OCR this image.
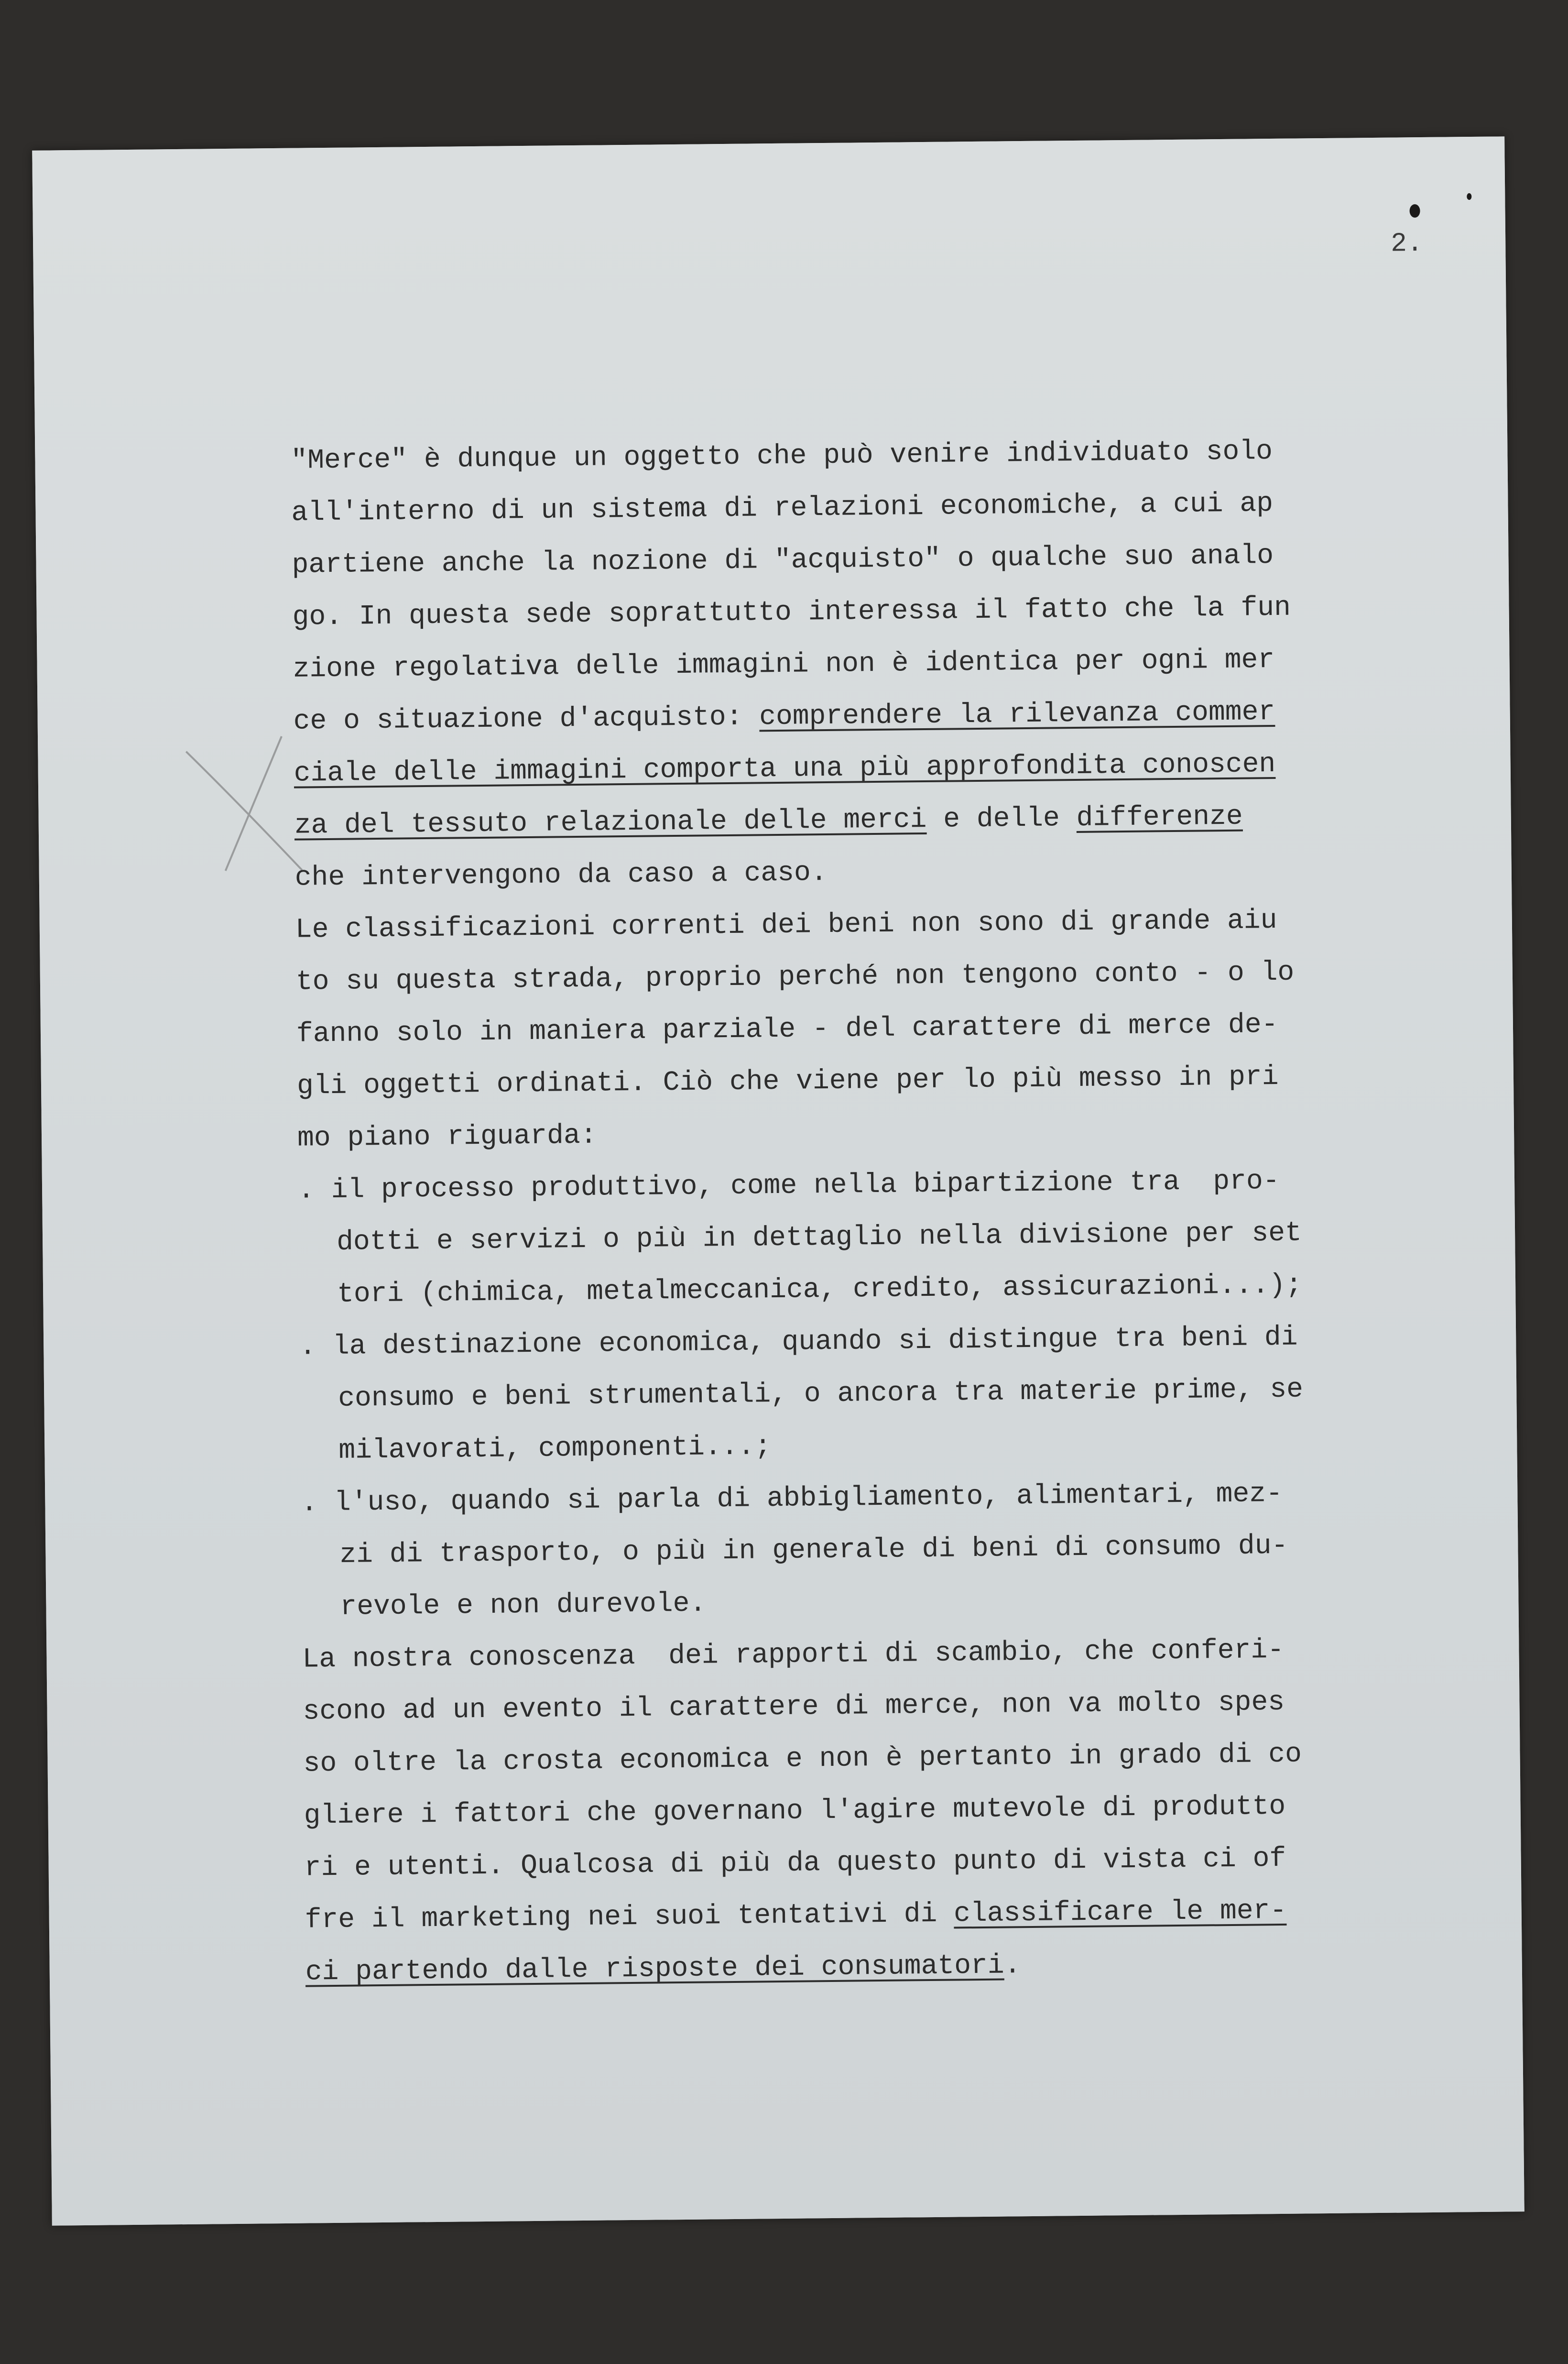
2.
"Merce" è dunque un oggetto che può venire individuato solo
all'interno di un sistema di relazioni economiche, a cui ap
partiene anche la nozione di "acquisto" o qualche suo analo
go. In questa sede soprattutto interessa il fatto che la fun
zione regolativa delle immagini non è identica per ogni mer
ce o situazione d'acquisto: comprendere la rilevanza commer
ciale delle immagini comporta una più approfondita conoscen
za del tessuto relazionale delle merci e delle differenze
che intervengono da caso a caso.
Le classificazioni correnti dei beni non sono di grande aiu
to su questa strada, proprio perché non tengono conto - o lo
fanno solo in maniera parziale - del carattere di merce de-
gli oggetti ordinati. Ciò che viene per lo più messo in pri
mo piano riguarda:
. il processo produttivo, come nella bipartizione tra  pro-
dotti e servizi o più in dettaglio nella divisione per set
tori (chimica, metalmeccanica, credito, assicurazioni...);
. la destinazione economica, quando si distingue tra beni di
consumo e beni strumentali, o ancora tra materie prime, se
milavorati, componenti...;
. l'uso, quando si parla di abbigliamento, alimentari, mez-
zi di trasporto, o più in generale di beni di consumo du-
revole e non durevole.
La nostra conoscenza  dei rapporti di scambio, che conferi-
scono ad un evento il carattere di merce, non va molto spes
so oltre la crosta economica e non è pertanto in grado di co
gliere i fattori che governano l'agire mutevole di produtto
ri e utenti. Qualcosa di più da questo punto di vista ci of
fre il marketing nei suoi tentativi di classificare le mer-
ci partendo dalle risposte dei consumatori.
